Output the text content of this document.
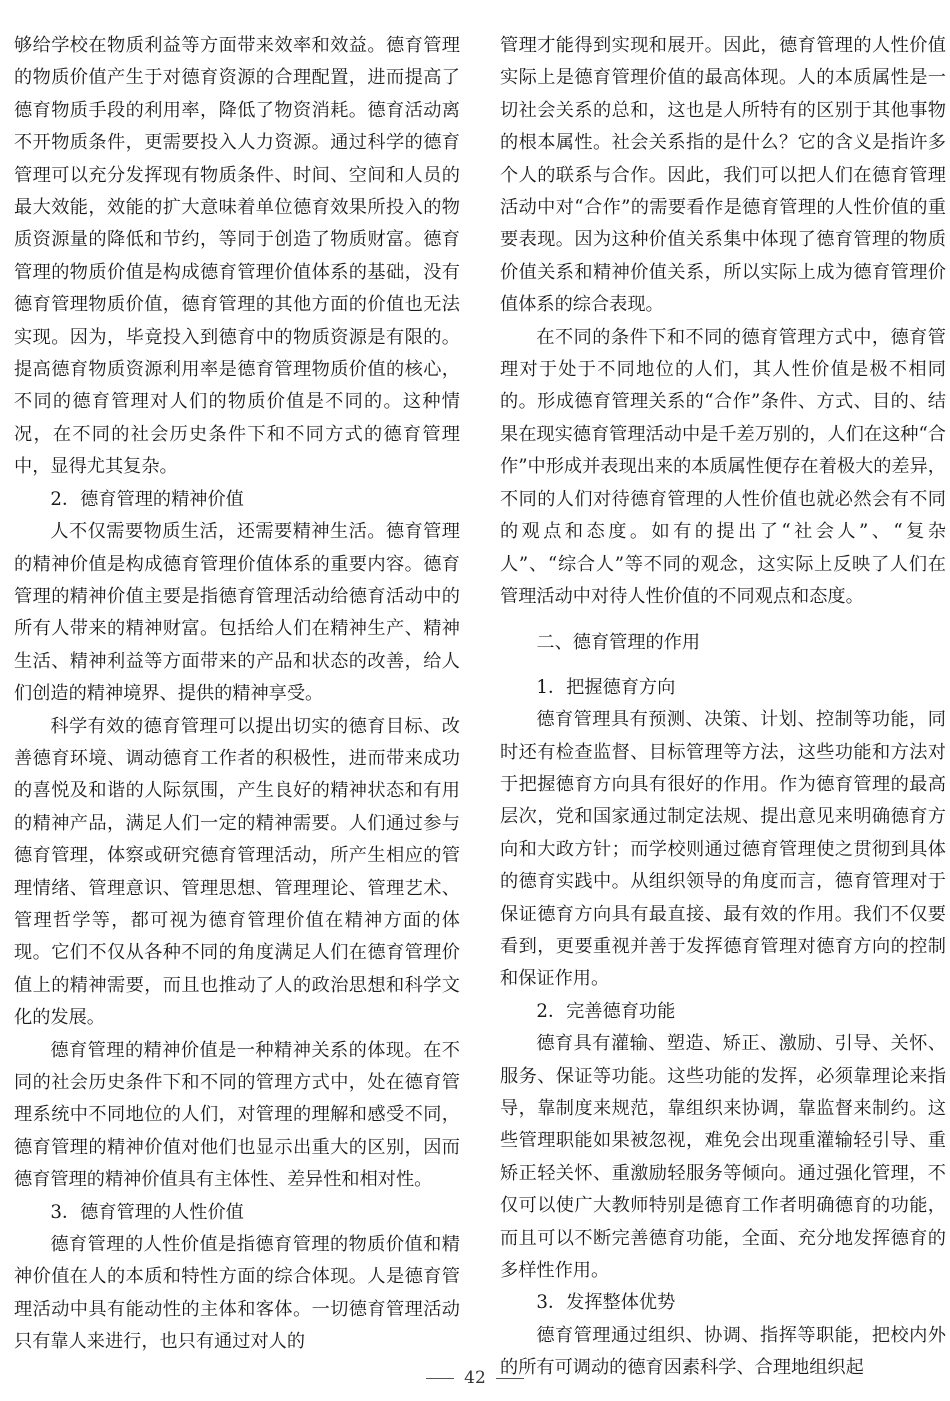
够给学校在物质利益等方面带来效率和效益。德育管理的物质价值产生于对德育资源的合理配置，进而提高了德育物质手段的利用率，降低了物资消耗。德育活动离不开物质条件，更需要投入人力资源。通过科学的德育管理可以充分发挥现有物质条件、时间、空间和人员的最大效能，效能的扩大意味着单位德育效果所投入的物质资源量的降低和节约，等同于创造了物质财富。德育管理的物质价值是构成德育管理价值体系的基础，没有德育管理物质价值，德育管理的其他方面的价值也无法实现。因为，毕竟投入到德育中的物质资源是有限的。提高德育物质资源利用率是德育管理物质价值的核心，不同的德育管理对人们的物质价值是不同的。这种情况，在不同的社会历史条件下和不同方式的德育管理中，显得尤其复杂。

2．德育管理的精神价值

人不仅需要物质生活，还需要精神生活。德育管理的精神价值是构成德育管理价值体系的重要内容。德育管理的精神价值主要是指德育管理活动给德育活动中的所有人带来的精神财富。包括给人们在精神生产、精神生活、精神利益等方面带来的产品和状态的改善，给人们创造的精神境界、提供的精神享受。

科学有效的德育管理可以提出切实的德育目标、改善德育环境、调动德育工作者的积极性，进而带来成功的喜悦及和谐的人际氛围，产生良好的精神状态和有用的精神产品，满足人们一定的精神需要。人们通过参与德育管理，体察或研究德育管理活动，所产生相应的管理情绪、管理意识、管理思想、管理理论、管理艺术、管理哲学等，都可视为德育管理价值在精神方面的体现。它们不仅从各种不同的角度满足人们在德育管理价值上的精神需要，而且也推动了人的政治思想和科学文化的发展。

德育管理的精神价值是一种精神关系的体现。在不同的社会历史条件下和不同的管理方式中，处在德育管理系统中不同地位的人们，对管理的理解和感受不同，德育管理的精神价值对他们也显示出重大的区别，因而德育管理的精神价值具有主体性、差异性和相对性。

3．德育管理的人性价值

德育管理的人性价值是指德育管理的物质价值和精神价值在人的本质和特性方面的综合体现。人是德育管理活动中具有能动性的主体和客体。一切德育管理活动只有靠人来进行，也只有通过对人的

管理才能得到实现和展开。因此，德育管理的人性价值实际上是德育管理价值的最高体现。人的本质属性是一切社会关系的总和，这也是人所特有的区别于其他事物的根本属性。社会关系指的是什么？它的含义是指许多个人的联系与合作。因此，我们可以把人们在德育管理活动中对“合作”的需要看作是德育管理的人性价值的重要表现。因为这种价值关系集中体现了德育管理的物质价值关系和精神价值关系，所以实际上成为德育管理价值体系的综合表现。

在不同的条件下和不同的德育管理方式中，德育管理对于处于不同地位的人们，其人性价值是极不相同的。形成德育管理关系的“合作”条件、方式、目的、结果在现实德育管理活动中是千差万别的，人们在这种“合作”中形成并表现出来的本质属性便存在着极大的差异，不同的人们对待德育管理的人性价值也就必然会有不同的观点和态度。如有的提出了“社会人”、“复杂人”、“综合人”等不同的观念，这实际上反映了人们在管理活动中对待人性价值的不同观点和态度。

二、德育管理的作用
1．把握德育方向

德育管理具有预测、决策、计划、控制等功能，同时还有检查监督、目标管理等方法，这些功能和方法对于把握德育方向具有很好的作用。作为德育管理的最高层次，党和国家通过制定法规、提出意见来明确德育方向和大政方针；而学校则通过德育管理使之贯彻到具体的德育实践中。从组织领导的角度而言，德育管理对于保证德育方向具有最直接、最有效的作用。我们不仅要看到，更要重视并善于发挥德育管理对德育方向的控制和保证作用。

2．完善德育功能

德育具有灌输、塑造、矫正、激励、引导、关怀、服务、保证等功能。这些功能的发挥，必须靠理论来指导，靠制度来规范，靠组织来协调，靠监督来制约。这些管理职能如果被忽视，难免会出现重灌输轻引导、重矫正轻关怀、重激励轻服务等倾向。通过强化管理，不仅可以使广大教师特别是德育工作者明确德育的功能，而且可以不断完善德育功能，全面、充分地发挥德育的多样性作用。

3．发挥整体优势

德育管理通过组织、协调、指挥等职能，把校内外的所有可调动的德育因素科学、合理地组织起

42
